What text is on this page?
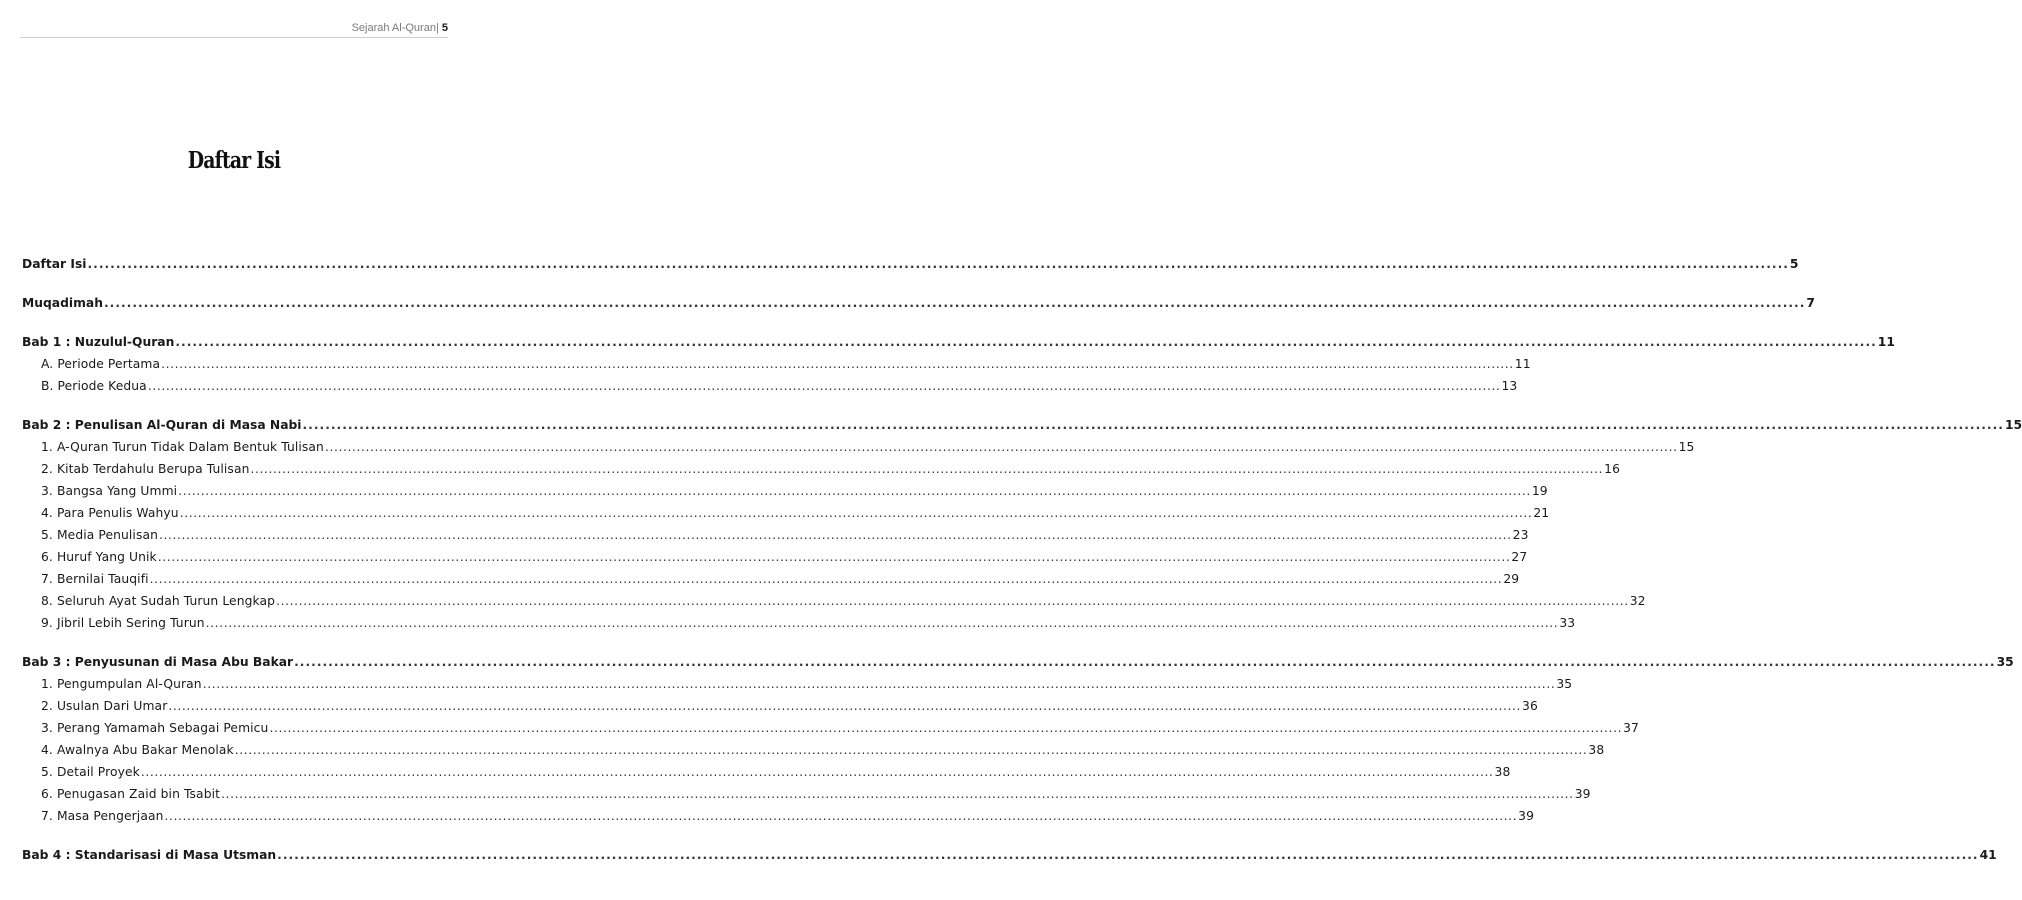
Sejarah Al-Quran| 5
Daftar Isi
Daftar Isi ............................................................................................................................................................................................................................................................................................................ 5
Muqadimah ............................................................................................................................................................................................................................................................................................................ 7
Bab 1 : Nuzulul-Quran ............................................................................................................................................................................................................................................................................................................ 11
A. Periode Pertama ............................................................................................................................................................................................................................................................................................................ 11
B. Periode Kedua ............................................................................................................................................................................................................................................................................................................ 13
Bab 2 : Penulisan Al-Quran di Masa Nabi ............................................................................................................................................................................................................................................................................................................ 15
1. A-Quran Turun Tidak Dalam Bentuk Tulisan ............................................................................................................................................................................................................................................................................................................ 15
2. Kitab Terdahulu Berupa Tulisan ............................................................................................................................................................................................................................................................................................................ 16
3. Bangsa Yang Ummi ............................................................................................................................................................................................................................................................................................................ 19
4. Para Penulis Wahyu ............................................................................................................................................................................................................................................................................................................ 21
5. Media Penulisan ............................................................................................................................................................................................................................................................................................................ 23
6. Huruf Yang Unik ............................................................................................................................................................................................................................................................................................................ 27
7. Bernilai Tauqifi ............................................................................................................................................................................................................................................................................................................ 29
8. Seluruh Ayat Sudah Turun Lengkap ............................................................................................................................................................................................................................................................................................................ 32
9. Jibril Lebih Sering Turun ............................................................................................................................................................................................................................................................................................................ 33
Bab 3 : Penyusunan di Masa Abu Bakar ............................................................................................................................................................................................................................................................................................................ 35
1. Pengumpulan Al-Quran ............................................................................................................................................................................................................................................................................................................ 35
2. Usulan Dari Umar ............................................................................................................................................................................................................................................................................................................ 36
3. Perang Yamamah Sebagai Pemicu ............................................................................................................................................................................................................................................................................................................ 37
4. Awalnya Abu Bakar Menolak ............................................................................................................................................................................................................................................................................................................ 38
5. Detail Proyek ............................................................................................................................................................................................................................................................................................................ 38
6. Penugasan Zaid bin Tsabit ............................................................................................................................................................................................................................................................................................................ 39
7. Masa Pengerjaan ............................................................................................................................................................................................................................................................................................................ 39
Bab 4 : Standarisasi di Masa Utsman ............................................................................................................................................................................................................................................................................................................ 41
